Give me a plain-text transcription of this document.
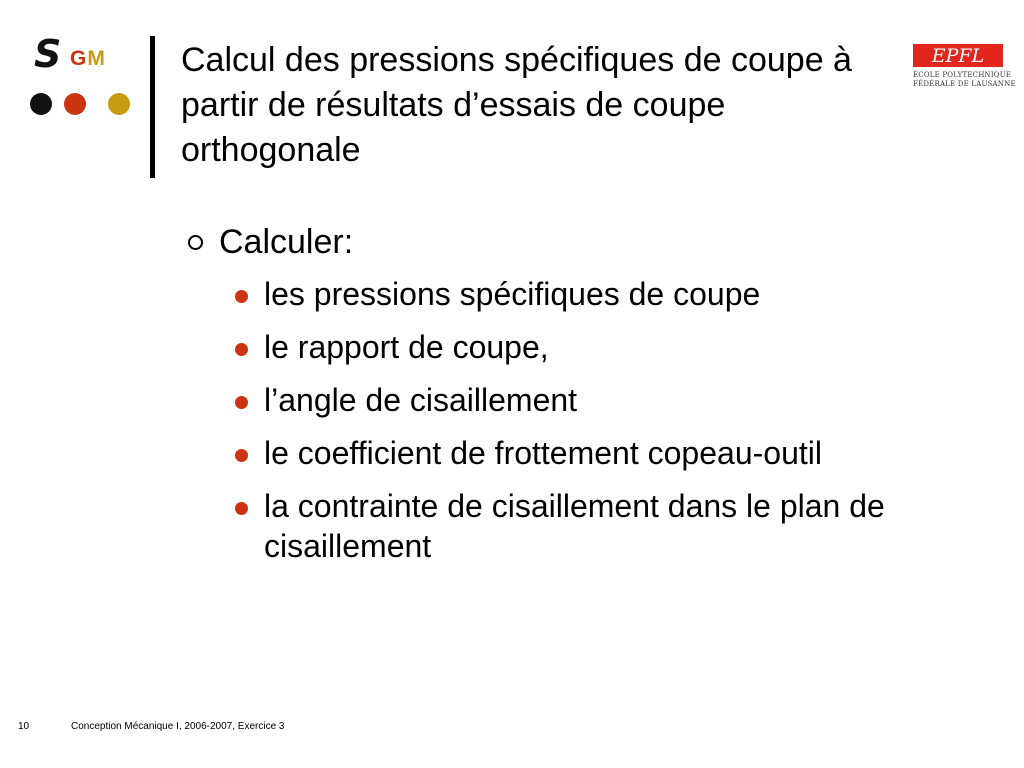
S GM Calcul des pressions spécifiques de coupe à partir de résultats d’essais de coupe orthogonale
EPFL
ÉCOLE POLYTECHNIQUE
FÉDÉRALE DE LAUSANNE
Calculer:
les pressions spécifiques de coupe
le rapport de coupe,
l’angle de cisaillement
le coefficient de frottement copeau-outil
la contrainte de cisaillement dans le plan de cisaillement
10	Conception Mécanique I, 2006-2007, Exercice 3
